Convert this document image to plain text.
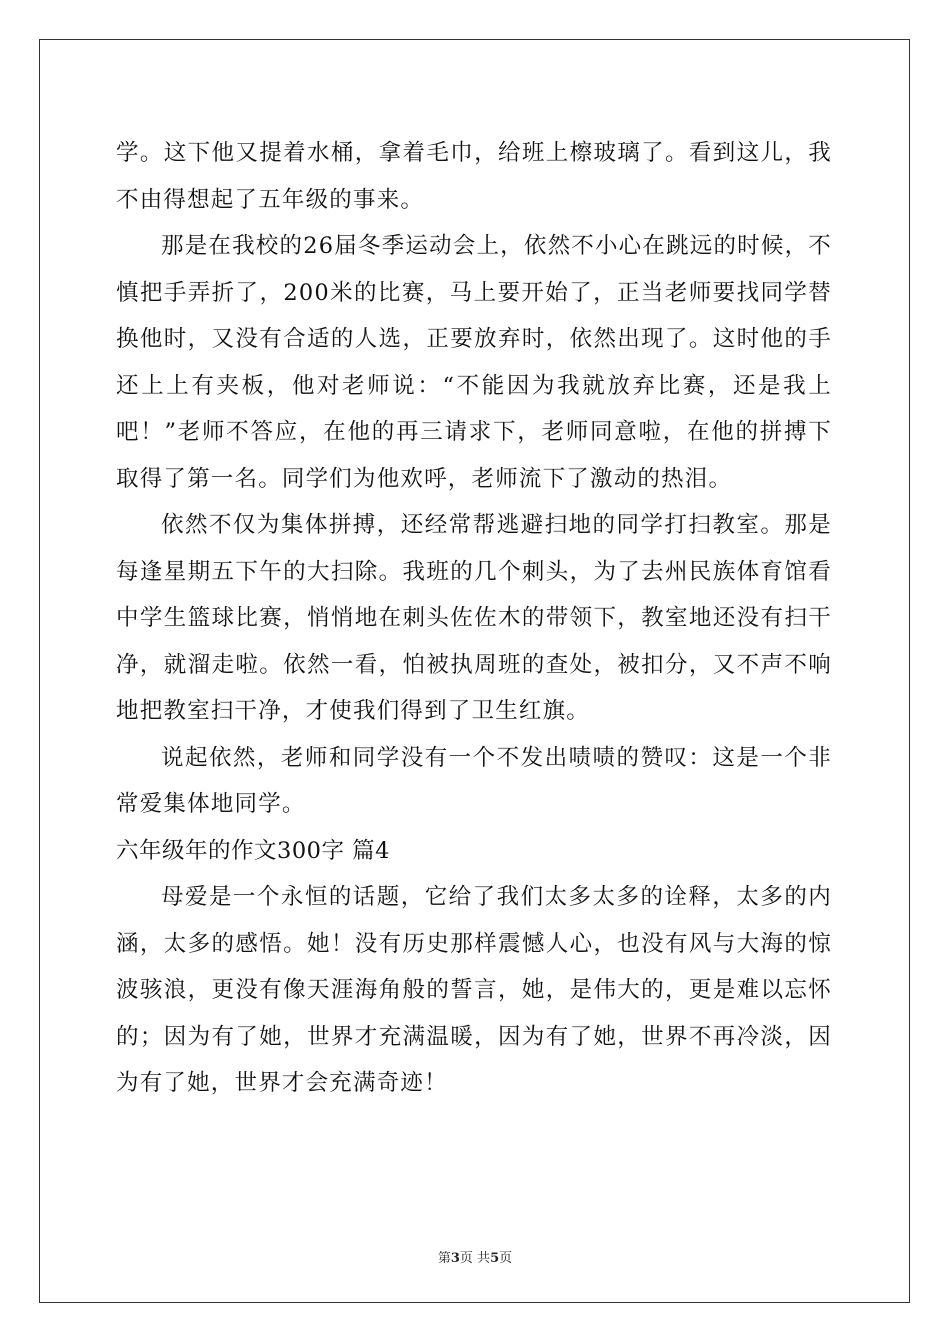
学。这下他又提着水桶，拿着毛巾，给班上檫玻璃了。看到这儿，我不由得想起了五年级的事来。

那是在我校的26届冬季运动会上，依然不小心在跳远的时候，不慎把手弄折了，200米的比赛，马上要开始了，正当老师要找同学替换他时，又没有合适的人选，正要放弃时，依然出现了。这时他的手还上上有夹板，他对老师说：“不能因为我就放弃比赛，还是我上吧！”老师不答应，在他的再三请求下，老师同意啦，在他的拼搏下取得了第一名。同学们为他欢呼，老师流下了激动的热泪。

依然不仅为集体拼搏，还经常帮逃避扫地的同学打扫教室。那是每逢星期五下午的大扫除。我班的几个刺头，为了去州民族体育馆看中学生篮球比赛，悄悄地在刺头佐佐木的带领下，教室地还没有扫干净，就溜走啦。依然一看，怕被执周班的查处，被扣分，又不声不响地把教室扫干净，才使我们得到了卫生红旗。

说起依然，老师和同学没有一个不发出啧啧的赞叹：这是一个非常爱集体地同学。

六年级年的作文300字 篇4

母爱是一个永恒的话题，它给了我们太多太多的诠释，太多的内涵，太多的感悟。她！没有历史那样震憾人心，也没有风与大海的惊波骇浪，更没有像天涯海角般的誓言，她，是伟大的，更是难以忘怀的；因为有了她，世界才充满温暖，因为有了她，世界不再冷淡，因为有了她，世界才会充满奇迹！

第3页 共5页
